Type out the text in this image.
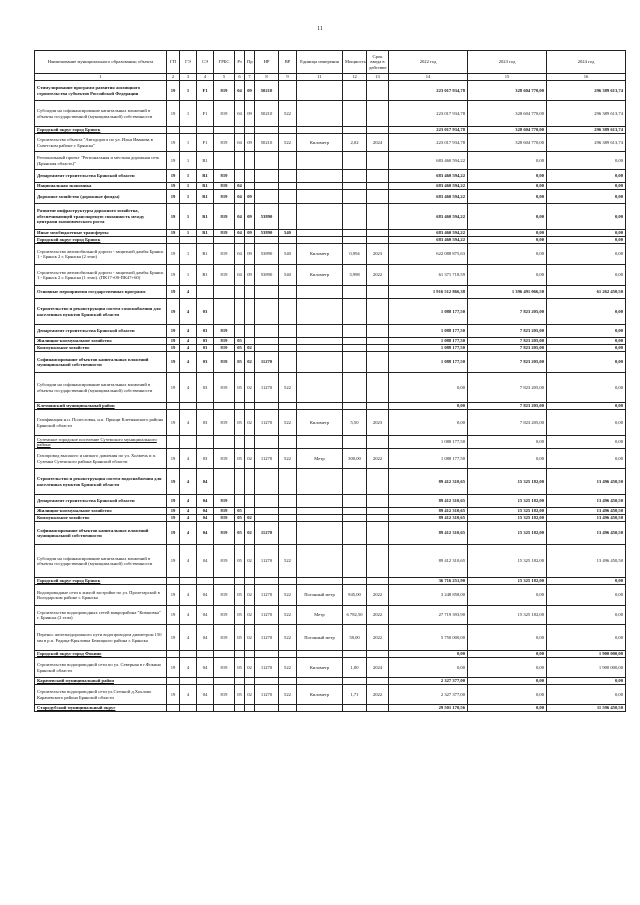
11
Наименование муниципального образования; объекта	ГП	ГЭ	СЭ	ГРБС	Рз	Пр	НР	ВР	Единица измерения	Мощность	Срок ввода в действие	2022 год	2023 год	2024 год
1	2	3	4	5	6	7	8	9	11	12	13	14	15	16
Стимулирование программ развития жилищного строительства субъектов Российской Федерации	19	1	F1	819	04	09	50210					223 017 934,78	328 604 770,00	296 389 613,74
Субсидии на софинансирование капитальных вложений в объекты государственной (муниципальной) собственности	19	1	F1	819	04	09	50210	522				223 017 934,78	328 604 770,00	296 389 613,74
Городской округ город Брянск												223 017 934,78	328 604 770,00	296 389 613,74
Строительство объекта "Автодорога по ул. Ильи Иванова в Советском районе г. Брянска"	19	1	F1	819	04	09	50210	522	Километр	2,02	2024	223 017 934,78	328 604 770,00	296 389 613,74
Региональный проект "Региональная и местная дорожная сеть (Брянская область)"	19	1	R1									683 460 594,22	0,00	0,00
Департамент строительства Брянской области	19	1	R1	819								683 460 594,22	0,00	0,00
Национальная экономика	19	1	R1	819	04							683 460 594,22	0,00	0,00
Дорожное хозяйство (дорожные фонды)	19	1	R1	819	04	09						683 460 594,22	0,00	0,00
Развитие инфраструктуры дорожного хозяйства, обеспечивающей транспортную связанность между центрами экономического роста	19	1	R1	819	04	09	53890					683 460 594,22	0,00	0,00
Иные межбюджетные трансферты	19	1	R1	819	04	09	53890	540				683 460 594,22	0,00	0,00
Городской округ город Брянск												683 460 594,22	0,00	0,00
Строительство автомобильной дороги - защитной дамбы Брянск 1 - Брянск 2 г. Брянска (2 этап)	19	1	R1	819	04	09	53890	540	Километр	0,994	2023	622 088 875,63	0,00	0,00
Строительство автомобильной дороги - защитной дамбы Брянск 1 - Брянск 2 г. Брянска (1 этап). (ПК17+00-ПК47+60)	19	1	R1	819	04	09	53890	540	Километр	3,998	2022	61 371 718,59	0,00	0,00
Основные мероприятия государственных программ	19	4										1 916 512 866,38	1 396 491 066,50	61 262 450,50
Строительство и реконструкция систем газоснабжения для населенных пунктов Брянской области	19	4	03									1 088 177,50	7 823 205,00	0,00
Департамент строительства Брянской области	19	4	03	819								1 088 177,50	7 823 205,00	0,00
Жилищно-коммунальное хозяйство	19	4	03	819	05							1 088 177,50	7 823 205,00	0,00
Коммунальное хозяйство	19	4	03	819	05	02						1 088 177,50	7 823 205,00	0,00
Софинансирование объектов капитальных вложений муниципальной собственности	19	4	03	819	05	02	11270					1 088 177,50	7 823 205,00	0,00
Субсидии на софинансирование капитальных вложений в объекты государственной (муниципальной) собственности	19	4	03	819	05	02	11270	522				0,00	7 823 205,00	0,00
Клетнянский муниципальный район												0,00	7 823 205,00	0,00
Газификация н.п. Полесловка, н.п. Прыщи Клетнянского района Брянской области	19	4	03	819	05	02	11270	522	Километр	5,50	2023	0,00	7 823 205,00	0,00
Суземское городское поселение Суземского муниципального района												1 088 177,50	0,00	0,00
Газопровод высокого и низкого давления по ул. Холмечь и п. Суземка Суземского района Брянской области	19	4	03	819	05	02	11270	522	Метр	300,00	2022	1 088 177,50	0,00	0,00
Строительство и реконструкция систем водоснабжения для населенных пунктов Брянской области	19	4	04									89 412 310,65	15 325 182,00	13 496 450,50
Департамент строительства Брянской области	19	4	04	819								89 412 310,65	15 325 182,00	13 496 450,50
Жилищно-коммунальное хозяйство	19	4	04	819	05							89 412 310,65	15 325 182,00	13 496 450,50
Коммунальное хозяйство	19	4	04	819	05	02						89 412 310,65	15 325 182,00	13 496 450,50
Софинансирование объектов капитальных вложений муниципальной собственности	19	4	04	819	05	02	11270					89 412 310,65	15 325 182,00	13 496 450,50
Субсидии на софинансирование капитальных вложений в объекты государственной (муниципальной) собственности	19	4	04	819	05	02	11270	522				89 412 310,65	15 325 182,00	13 496 450,50
Городской округ город Брянск												36 716 251,90	15 325 182,00	0,00
Водопроводные сети к жилой застройке по ул. Пролетарской в Володарском районе г. Брянска	19	4	04	819	05	02	11270	522	Погонный метр	945,00	2022	3 248 858,00	0,00	0,00
Строительство водопроводных сетей микрорайона "Ковшовка" г. Брянска (2 этап)	19	4	04	819	05	02	11270	522	Метр	6 782,50	2022	27 719 393,90	15 325 182,00	0,00
Перенос железнодорожного пути водопроводом диаметром 150 мм в р.п. Радица-Крыловка Бежицкого района г. Брянска	19	4	04	819	05	02	11270	522	Погонный метр	58,00	2022	5 750 000,00	0,00	0,00
Городской округ город Фокино												0,00	0,00	1 900 000,00
Строительство водопроводной сети по ул. Северная в г.Фокино Брянской области	19	4	04	819	05	02	11270	522	Километр	1,00	2024	0,00	0,00	1 900 000,00
Карачевский муниципальный район												2 327 377,00	0,00	0,00
Строительство водопроводной сети ул.Степной д.Хохлово Карачевского района Брянской области	19	4	04	819	05	02	11270	522	Километр	1,71	2022	2 327 377,00	0,00	0,00
Стародубский муниципальный округ												29 501 170,56	0,00	11 596 450,50
